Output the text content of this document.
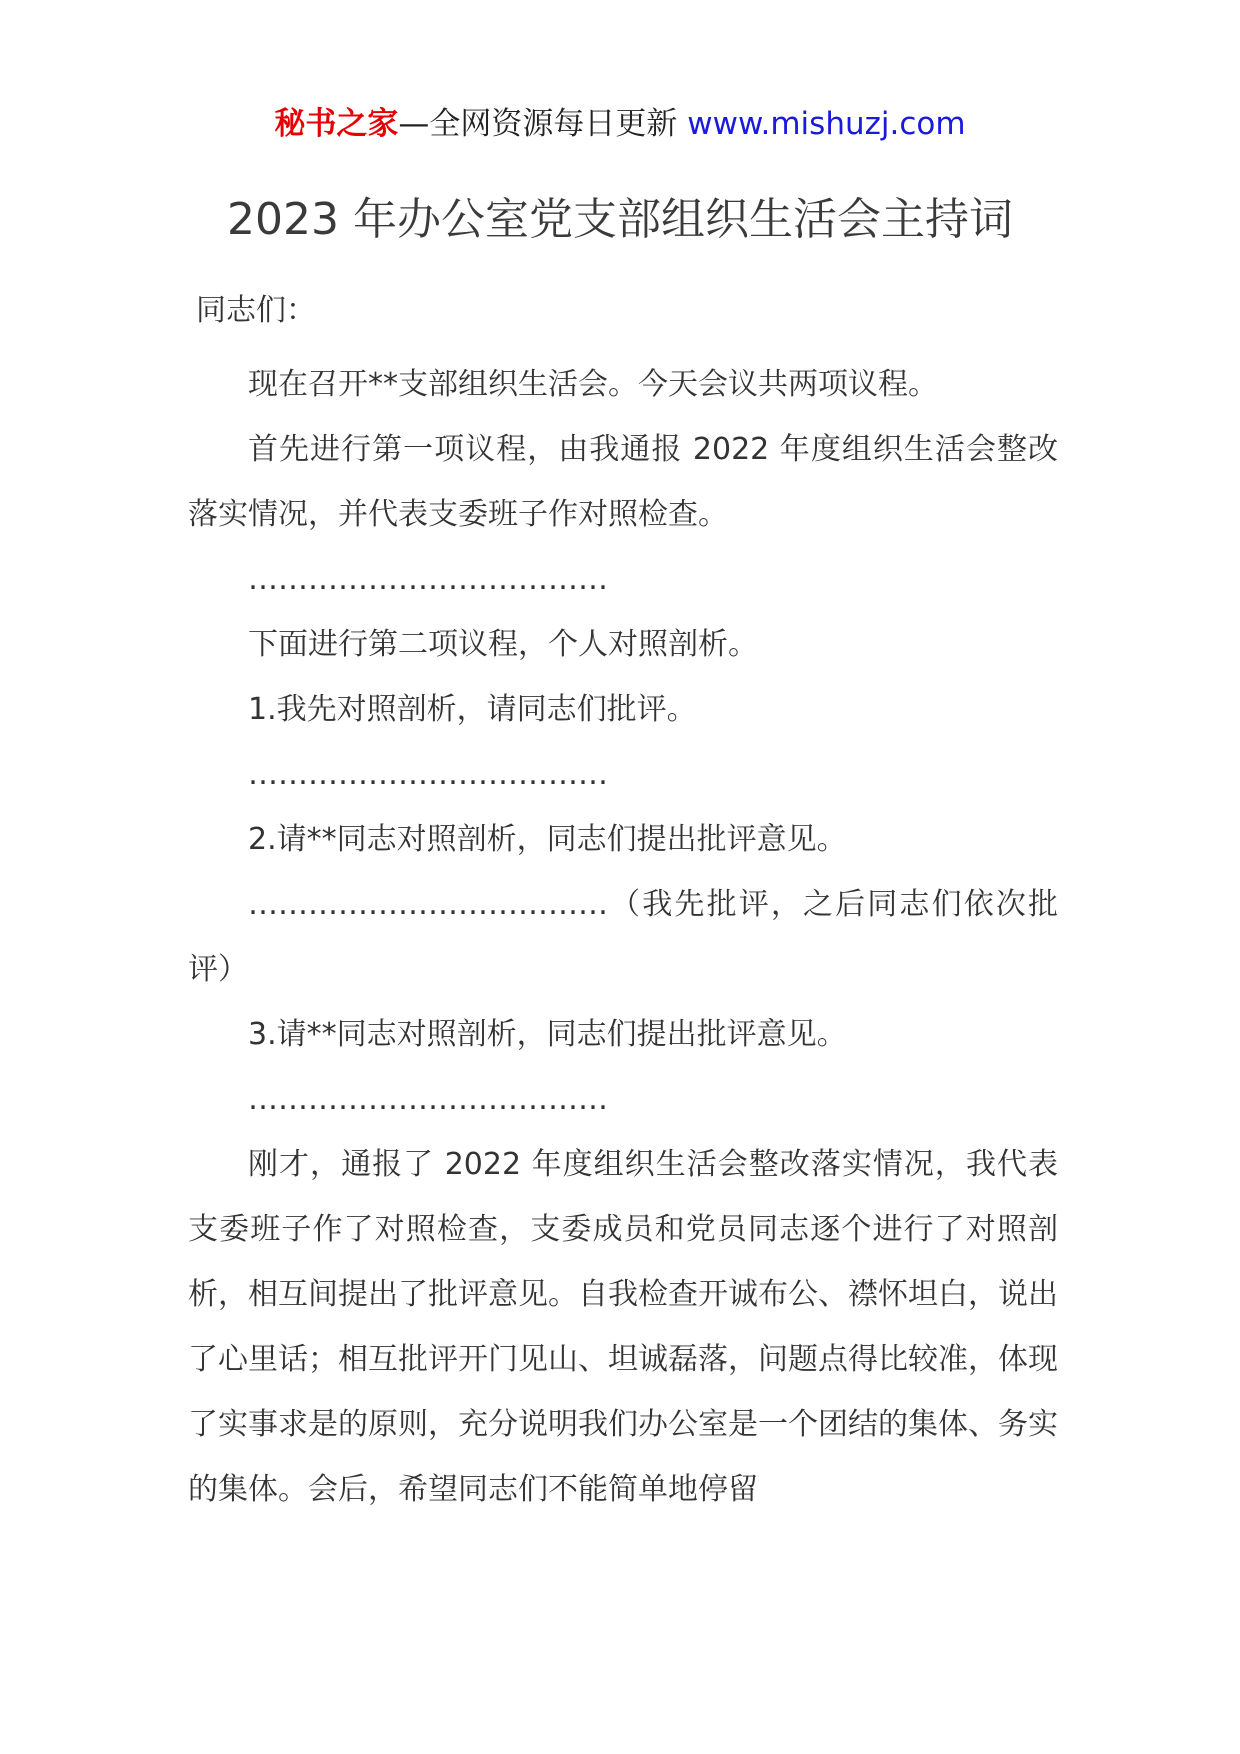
秘书之家—全网资源每日更新 www.mishuzj.com
2023 年办公室党支部组织生活会主持词

同志们：

现在召开**支部组织生活会。今天会议共两项议程。

首先进行第一项议程，由我通报 2022 年度组织生活会整改落实情况，并代表支委班子作对照检查。

………………………………

下面进行第二项议程，个人对照剖析。

1.我先对照剖析，请同志们批评。

………………………………

2.请**同志对照剖析，同志们提出批评意见。

………………………………（我先批评，之后同志们依次批评）

3.请**同志对照剖析，同志们提出批评意见。

………………………………

刚才，通报了 2022 年度组织生活会整改落实情况，我代表支委班子作了对照检查，支委成员和党员同志逐个进行了对照剖析，相互间提出了批评意见。自我检查开诚布公、襟怀坦白，说出了心里话；相互批评开门见山、坦诚磊落，问题点得比较准，体现了实事求是的原则，充分说明我们办公室是一个团结的集体、务实的集体。会后，希望同志们不能简单地停留
